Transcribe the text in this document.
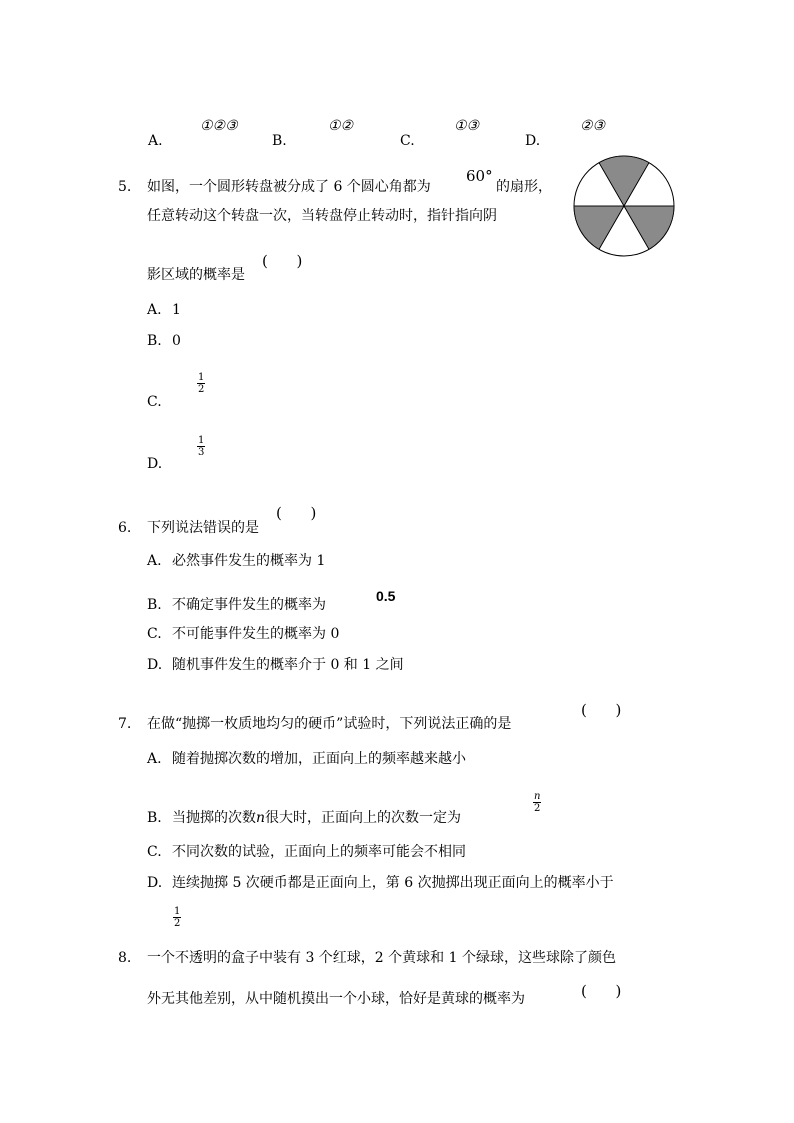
A.
①②③
B.
①②
C.
①③
D.
②③
5. 如图，一个圆形转盘被分成了 6 个圆心角都为
60°
的扇形，
任意转动这个转盘一次，当转盘停止转动时，指针指向阴
影区域的概率是
(      )
A. 1
B. 0
C.
$\frac{1}{2}$
D.
$\frac{1}{3}$
6. 下列说法错误的是
(      )
A. 必然事件发生的概率为 1
B. 不确定事件发生的概率为
0.5
C. 不可能事件发生的概率为 0
D. 随机事件发生的概率介于 0 和 1 之间
7. 在做“抛掷一枚质地均匀的硬币”试验时，下列说法正确的是
(      )
A. 随着抛掷次数的增加，正面向上的频率越来越小
B. 当抛掷的次数n很大时，正面向上的次数一定为
$\frac{n}{2}$
C. 不同次数的试验，正面向上的频率可能会不相同
D. 连续抛掷 5 次硬币都是正面向上，第 6 次抛掷出现正面向上的概率小于
$\frac{1}{2}$
8. 一个不透明的盒子中装有 3 个红球，2 个黄球和 1 个绿球，这些球除了颜色
外无其他差别，从中随机摸出一个小球，恰好是黄球的概率为	(      )
